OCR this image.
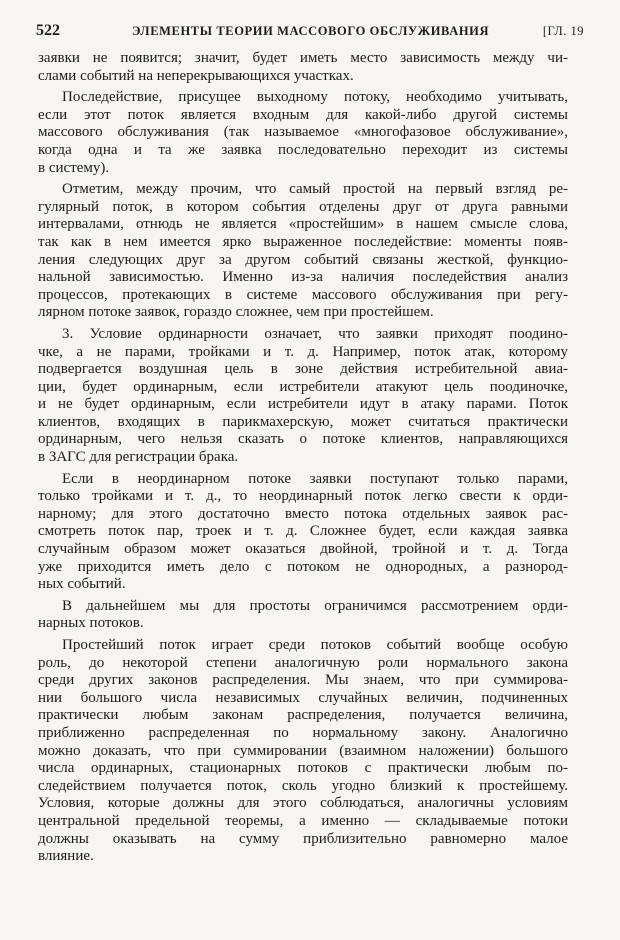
522	ЭЛЕМЕНТЫ ТЕОРИИ МАССОВОГО ОБСЛУЖИВАНИЯ	[ГЛ. 19
заявки не появится; значит, будет иметь место зависимость между чи-
слами событий на неперекрывающихся участках.
Последействие, присущее выходному потоку, необходимо учитывать,
если этот поток является входным для какой-либо другой системы
массового обслуживания (так называемое «многофазовое обслуживание»,
когда одна и та же заявка последовательно переходит из системы
в систему).
Отметим, между прочим, что самый простой на первый взгляд ре-
гулярный поток, в котором события отделены друг от друга равными
интервалами, отнюдь не является «простейшим» в нашем смысле слова,
так как в нем имеется ярко выраженное последействие: моменты появ-
ления следующих друг за другом событий связаны жесткой, функцио-
нальной зависимостью. Именно из-за наличия последействия анализ
процессов, протекающих в системе массового обслуживания при регу-
лярном потоке заявок, гораздо сложнее, чем при простейшем.
3. Условие ординарности означает, что заявки приходят поодино-
чке, а не парами, тройками и т. д. Например, поток атак, которому
подвергается воздушная цель в зоне действия истребительной авиа-
ции, будет ординарным, если истребители атакуют цель поодиночке,
и не будет ординарным, если истребители идут в атаку парами. Поток
клиентов, входящих в парикмахерскую, может считаться практически
ординарным, чего нельзя сказать о потоке клиентов, направляющихся
в ЗАГС для регистрации брака.
Если в неординарном потоке заявки поступают только парами,
только тройками и т. д., то неординарный поток легко свести к орди-
нарному; для этого достаточно вместо потока отдельных заявок рас-
смотреть поток пар, троек и т. д. Сложнее будет, если каждая заявка
случайным образом может оказаться двойной, тройной и т. д. Тогда
уже приходится иметь дело с потоком не однородных, а разнород-
ных событий.
В дальнейшем мы для простоты ограничимся рассмотрением орди-
нарных потоков.
Простейший поток играет среди потоков событий вообще особую
роль, до некоторой степени аналогичную роли нормального закона
среди других законов распределения. Мы знаем, что при суммирова-
нии большого числа независимых случайных величин, подчиненных
практически любым законам распределения, получается величина,
приближенно распределенная по нормальному закону. Аналогично
можно доказать, что при суммировании (взаимном наложении) большого
числа ординарных, стационарных потоков с практически любым по-
следействием получается поток, сколь угодно близкий к простейшему.
Условия, которые должны для этого соблюдаться, аналогичны условиям
центральной предельной теоремы, а именно — складываемые потоки
должны оказывать на сумму приблизительно равномерно малое
влияние.
